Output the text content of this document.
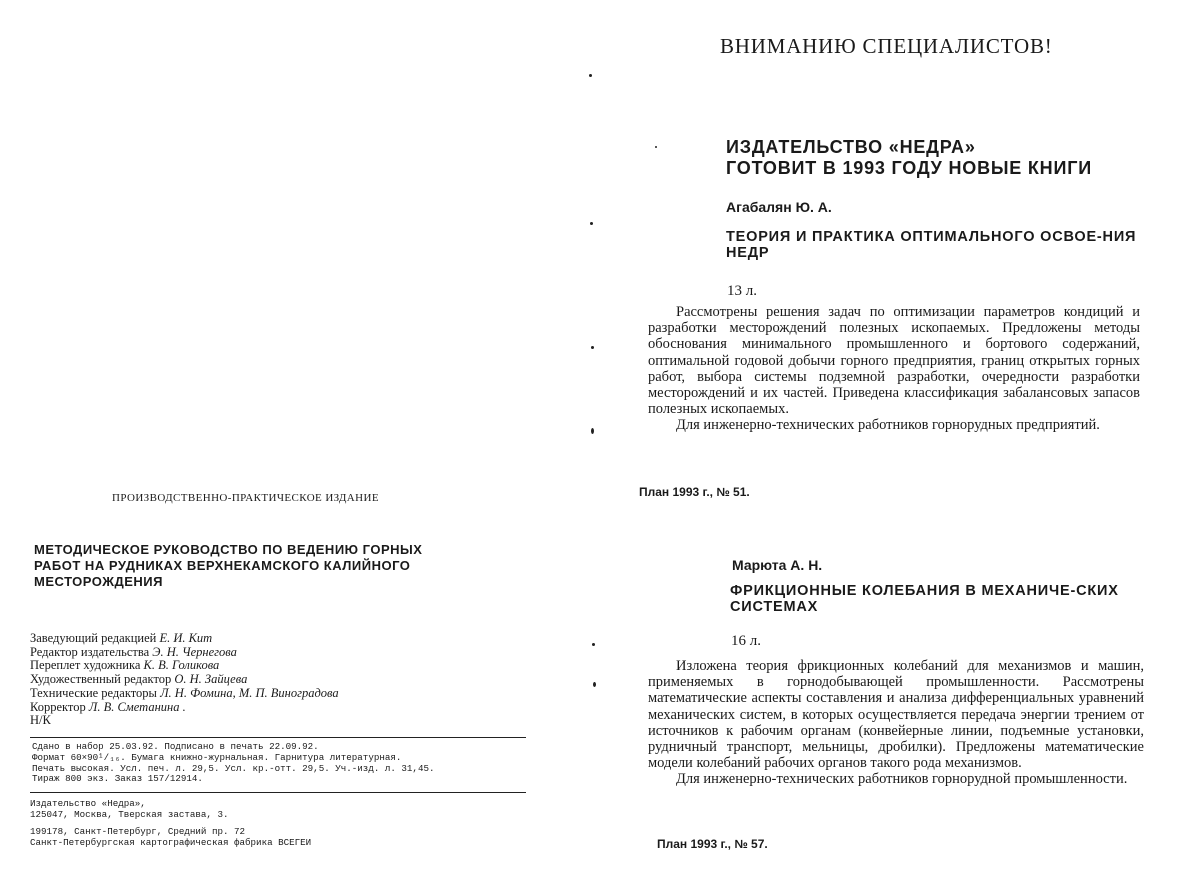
ПРОИЗВОДСТВЕННО-ПРАКТИЧЕСКОЕ ИЗДАНИЕ
МЕТОДИЧЕСКОЕ РУКОВОДСТВО ПО ВЕДЕНИЮ ГОРНЫХ РАБОТ НА РУДНИКАХ ВЕРХНЕКАМСКОГО КАЛИЙНОГО МЕСТОРОЖДЕНИЯ
Заведующий редакцией Е. И. Кит
Редактор издательства Э. Н. Чернегова
Переплет художника К. В. Голикова
Художественный редактор О. Н. Зайцева
Технические редакторы Л. Н. Фомина, М. П. Виноградова
Корректор Л. В. Сметанина .
Н/К
Сдано в набор 25.03.92. Подписано в печать 22.09.92.
Формат 60×90¹/₁₆. Бумага книжно-журнальная. Гарнитура литературная.
Печать высокая. Усл. печ. л. 29,5. Усл. кр.-отт. 29,5. Уч.-изд. л. 31,45.
Тираж 800 экз. Заказ 157/12914.
Издательство «Недра»,
125047, Москва, Тверская застава, 3.
199178, Санкт-Петербург, Средний пр. 72
Санкт-Петербургская картографическая фабрика ВСЕГЕИ
ВНИМАНИЮ СПЕЦИАЛИСТОВ!
ИЗДАТЕЛЬСТВО «НЕДРА»
ГОТОВИТ В 1993 ГОДУ НОВЫЕ КНИГИ
Агабалян Ю. А.
ТЕОРИЯ И ПРАКТИКА ОПТИМАЛЬНОГО ОСВОЕ-НИЯ НЕДР
13 л.

Рассмотрены решения задач по оптимизации параметров кондиций и разработки месторождений полезных ископаемых. Предложены методы обоснования минимального промышленного и бортового содержаний, оптимальной годовой добычи горного предприятия, границ открытых горных работ, выбора системы подземной разработки, очередности разработки месторождений и их частей. Приведена классификация забалансовых запасов полезных ископаемых.

Для инженерно-технических работников горнорудных предприятий.

План 1993 г., № 51.
Марюта А. Н.
ФРИКЦИОННЫЕ КОЛЕБАНИЯ В МЕХАНИЧЕ-СКИХ СИСТЕМАХ
16 л.

Изложена теория фрикционных колебаний для механизмов и машин, применяемых в горнодобывающей промышленности. Рассмотрены математические аспекты составления и анализа дифференциальных уравнений механических систем, в которых осуществляется передача энергии трением от источников к рабочим органам (конвейерные линии, подъемные установки, рудничный транспорт, мельницы, дробилки). Предложены математические модели колебаний рабочих органов такого рода механизмов.

Для инженерно-технических работников горнорудной промышленности.

План 1993 г., № 57.
